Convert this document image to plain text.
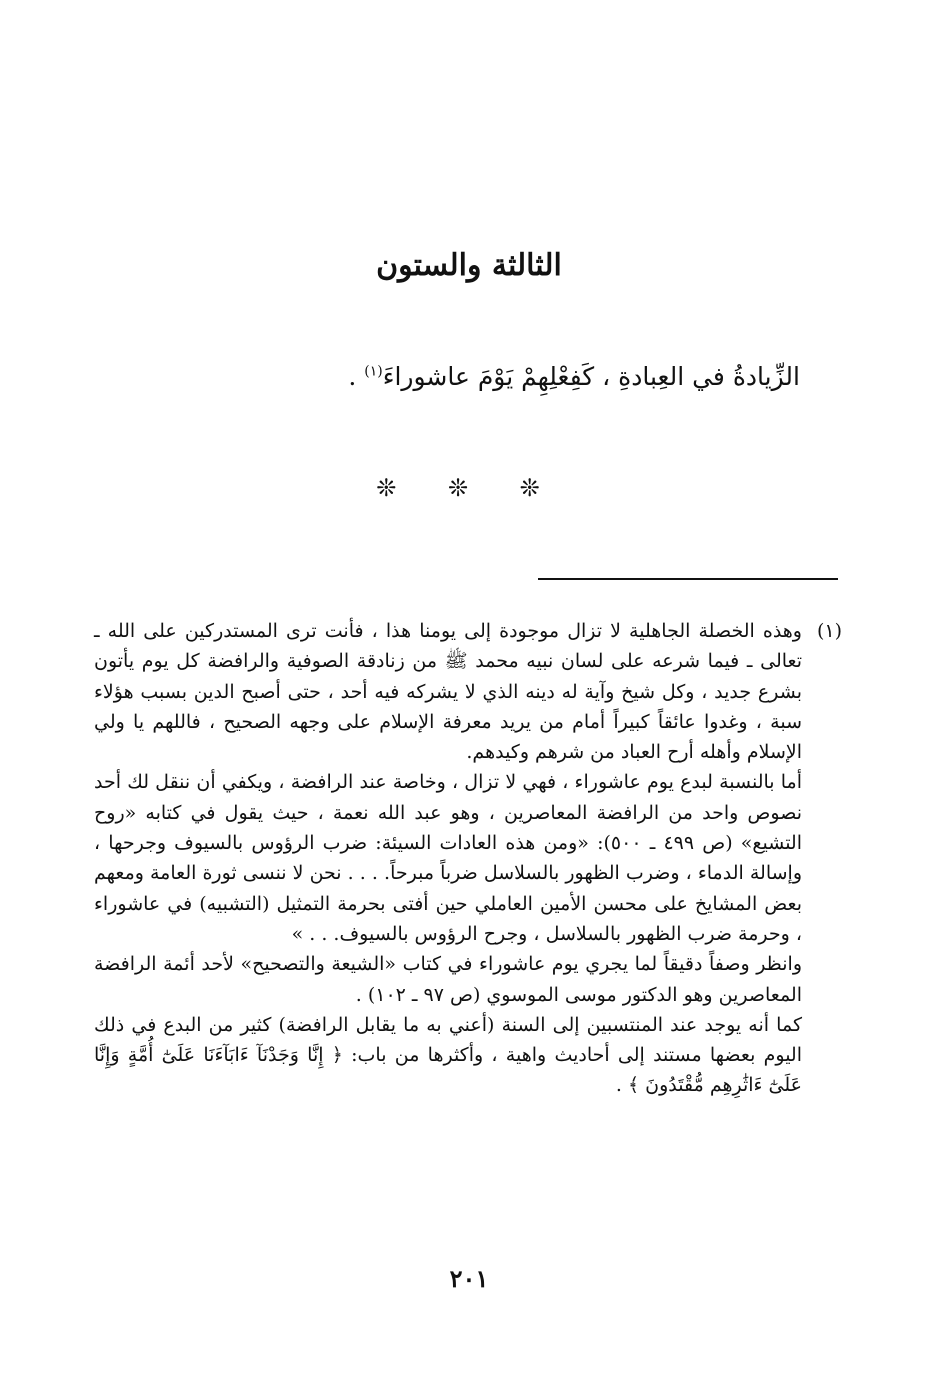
الثالثة والستون
الزِّيادةُ في العِبادةِ ، كَفِعْلِهِمْ يَوْمَ عاشوراءَ$^{(١)}$ .
❊ ❊ ❊
(١)

وهذه الخصلة الجاهلية لا تزال موجودة إلى يومنا هذا ، فأنت ترى المستدركين على الله ـ تعالى ـ فيما شرعه على لسان نبيه محمد ﷺ من زنادقة الصوفية والرافضة كل يوم يأتون بشرع جديد ، وكل شيخ وآية له دينه الذي لا يشركه فيه أحد ، حتى أصبح الدين بسبب هؤلاء سبة ، وغدوا عائقاً كبيراً أمام من يريد معرفة الإسلام على وجهه الصحيح ، فاللهم يا ولي الإسلام وأهله أرح العباد من شرهم وكيدهم.

أما بالنسبة لبدع يوم عاشوراء ، فهي لا تزال ، وخاصة عند الرافضة ، ويكفي أن ننقل لك أحد نصوص واحد من الرافضة المعاصرين ، وهو عبد الله نعمة ، حيث يقول في كتابه «روح التشيع» (ص ٤٩٩ ـ ٥٠٠): «ومن هذه العادات السيئة: ضرب الرؤوس بالسيوف وجرحها ، وإسالة الدماء ، وضرب الظهور بالسلاسل ضرباً مبرحاً. . . . نحن لا ننسى ثورة العامة ومعهم بعض المشايخ على محسن الأمين العاملي حين أفتى بحرمة التمثيل (التشبيه) في عاشوراء ، وحرمة ضرب الظهور بالسلاسل ، وجرح الرؤوس بالسيوف. . . »

وانظر وصفاً دقيقاً لما يجري يوم عاشوراء في كتاب «الشيعة والتصحيح» لأحد أئمة الرافضة المعاصرين وهو الدكتور موسى الموسوي (ص ٩٧ ـ ١٠٢) .

كما أنه يوجد عند المنتسبين إلى السنة (أعني به ما يقابل الرافضة) كثير من البدع في ذلك اليوم بعضها مستند إلى أحاديث واهية ، وأكثرها من باب: ﴿ إِنَّا وَجَدْنَآ ءَابَآءَنَا عَلَىٰٓ أُمَّةٍ وَإِنَّا عَلَىٰٓ ءَاثَٰرِهِم مُّقْتَدُونَ ﴾ .

٢٠١
